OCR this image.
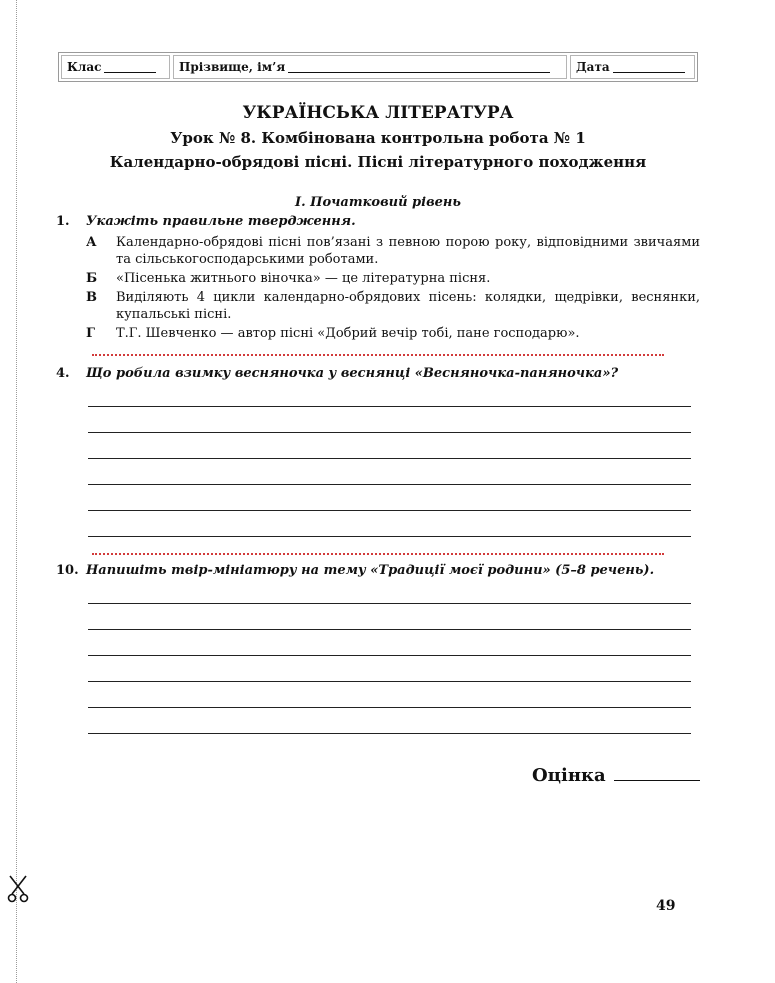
Клас	Прізвище, ім’я	Дата
УКРАЇНСЬКА ЛІТЕРАТУРА
Урок № 8. Комбінована контрольна робота № 1
Календарно-обрядові пісні. Пісні літературного походження
I. Початковий рівень
1. Укажіть правильне твердження.
А	Календарно-обрядові пісні пов’язані з певною порою року, відповідними звичаями та сільськогосподарськими роботами.
Б	«Пісенька житнього віночка» — це літературна пісня.
В	Виділяють 4 цикли календарно-обрядових пісень: колядки, щедрівки, веснянки, купальські пісні.
Г	Т.Г. Шевченко — автор пісні «Добрий вечір тобі, пане господарю».
4. Що робила взимку весняночка у веснянці «Весняночка-паняночка»?
10. Напишіть твір-мініатюру на тему «Традиції моєї родини» (5–8 речень).
Оцінка
49
